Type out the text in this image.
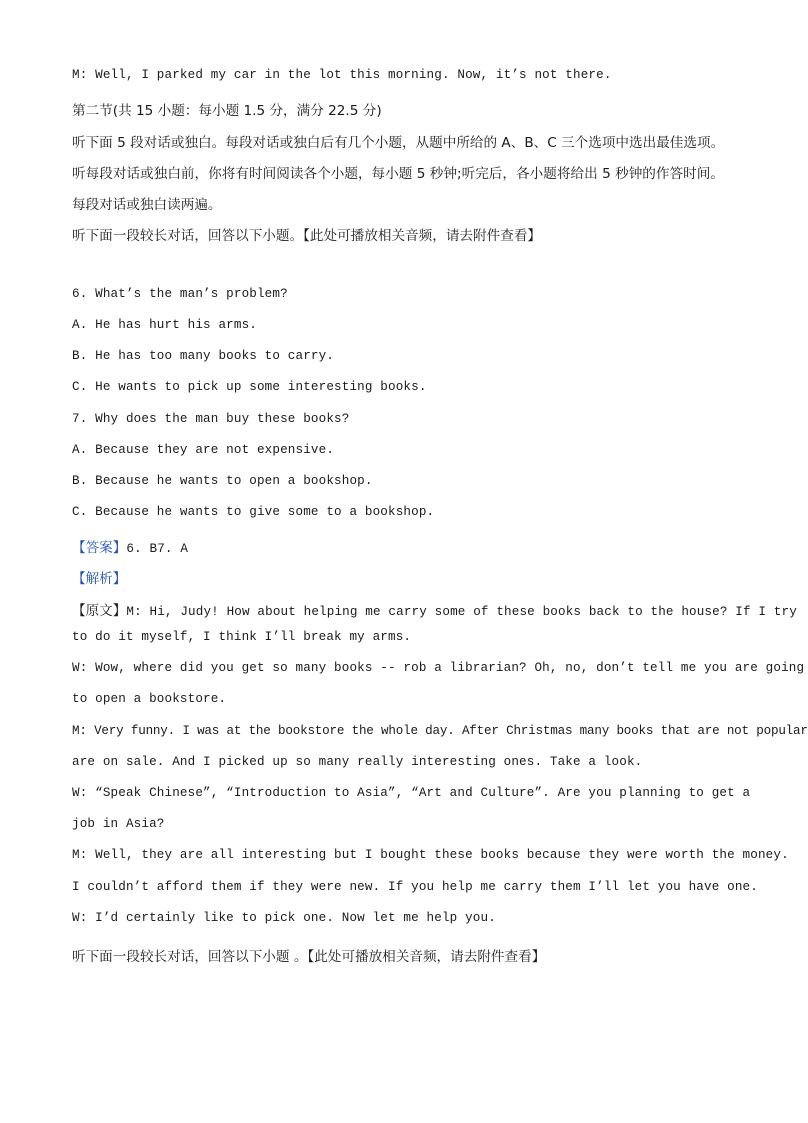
M: Well, I parked my car in the lot this morning. Now, it’s not there.
第二节(共 15 小题：每小题 1.5 分，满分 22.5 分)
听下面 5 段对话或独白。每段对话或独白后有几个小题，从题中所给的 A、B、C 三个选项中选出最佳选项。
听每段对话或独白前，你将有时间阅读各个小题，每小题 5 秒钟;听完后，各小题将给出 5 秒钟的作答时间。
每段对话或独白读两遍。
听下面一段较长对话，回答以下小题。【此处可播放相关音频，请去附件查看】
6. What’s the man’s problem?
A. He has hurt his arms.
B. He has too many books to carry.
C. He wants to pick up some interesting books.
7. Why does the man buy these books?
A. Because they are not expensive.
B. Because he wants to open a bookshop.
C. Because he wants to give some to a bookshop.
【答案】6. B7. A
【解析】
【原文】M: Hi, Judy! How about helping me carry some of these books back to the house? If I try
to do it myself, I think I’ll break my arms.
W: Wow, where did you get so many books -- rob a librarian? Oh, no, don’t tell me you are going
to open a bookstore.
M: Very funny. I was at the bookstore the whole day. After Christmas many books that are not popular
are on sale. And I picked up so many really interesting ones. Take a look.
W: “Speak Chinese”, “Introduction to Asia”, “Art and Culture”. Are you planning to get a
job in Asia?
M: Well, they are all interesting but I bought these books because they were worth the money.
I couldn’t afford them if they were new. If you help me carry them I’ll let you have one.
W: I’d certainly like to pick one. Now let me help you.
听下面一段较长对话，回答以下小题 。【此处可播放相关音频，请去附件查看】
